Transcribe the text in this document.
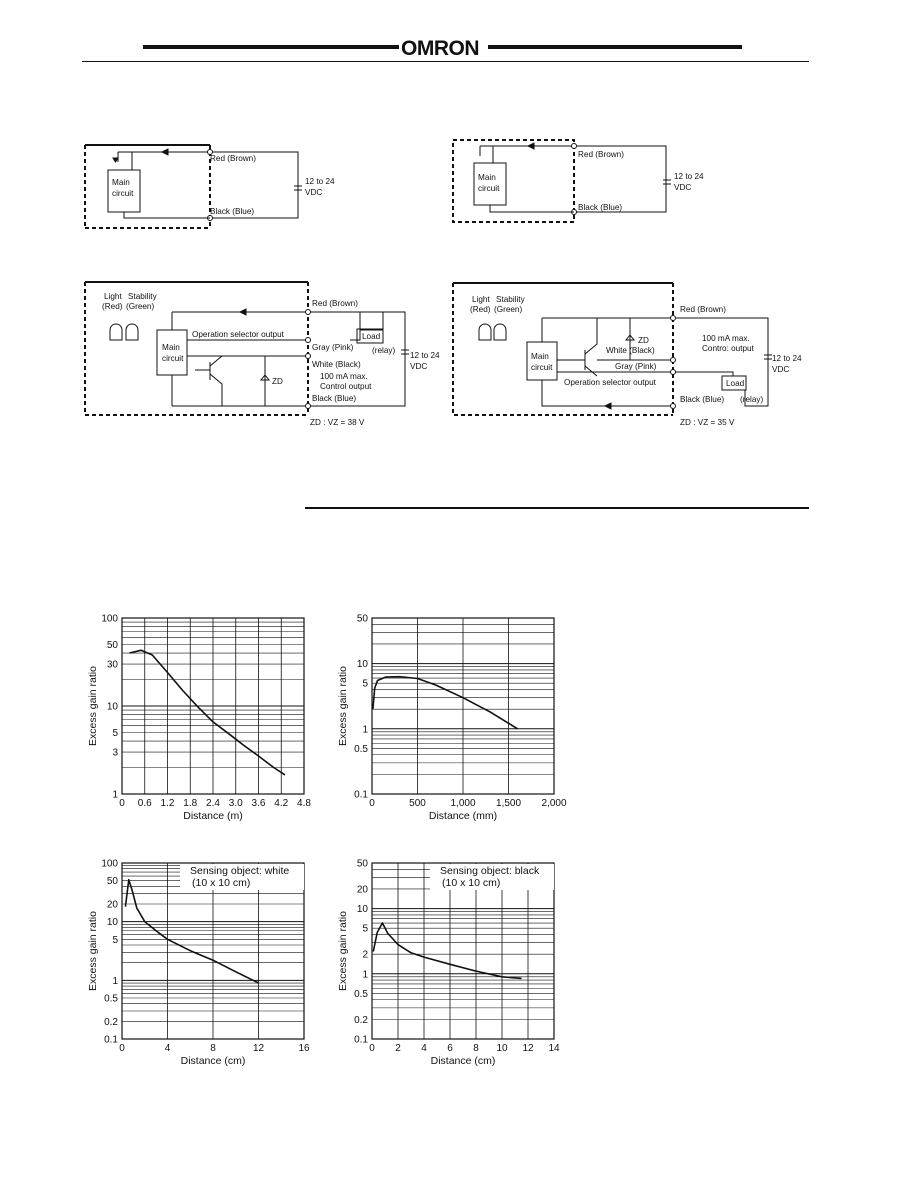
OMRON
Red (Brown)
Black (Blue)
Main
circuit
12 to 24
VDC
Red (Brown)
Black (Blue)
Main
circuit
12 to 24
VDC
Light Stability
(Red) (Green)
Main
circuit
Red (Brown)
Operation selector output
Gray (Pink)
Load
(relay)
White (Black)
100 mA max.
Control output
Black (Blue)
12 to 24
VDC
ZD
ZD : VZ = 38 V
Light Stability
(Red) (Green)
Main
circuit
Red (Brown)
ZD
White (Black)
100 mA max.
Contro: output
Gray (Pink)
Operation selector output	Load
Black (Blue) (relay)
12 to 24
VDC
ZD : VZ = 35 V
0 0.6 1.2 1.8 2.4 3.0 3.6 4.2 4.8
100
50
30
10
5
3
1
Distance (m)
Excess gain ratio
0	500 1,000 1,500 2,000
50
10
5
1
0.5
0.1
Distance (mm)
Excess gain ratio
0	4	8	12	16
100
50
20
10
5
1
0.5
0.2
0.1
Distance (cm)
Excess gain ratio
Sensing object: white
(10 x 10 cm)
0 2 4 6 8 10 12 14
50
20
10
5
2
1
0.5
0.2
0.1
Distance (cm)
Excess gain ratio
Sensing object: black
(10 x 10 cm)
